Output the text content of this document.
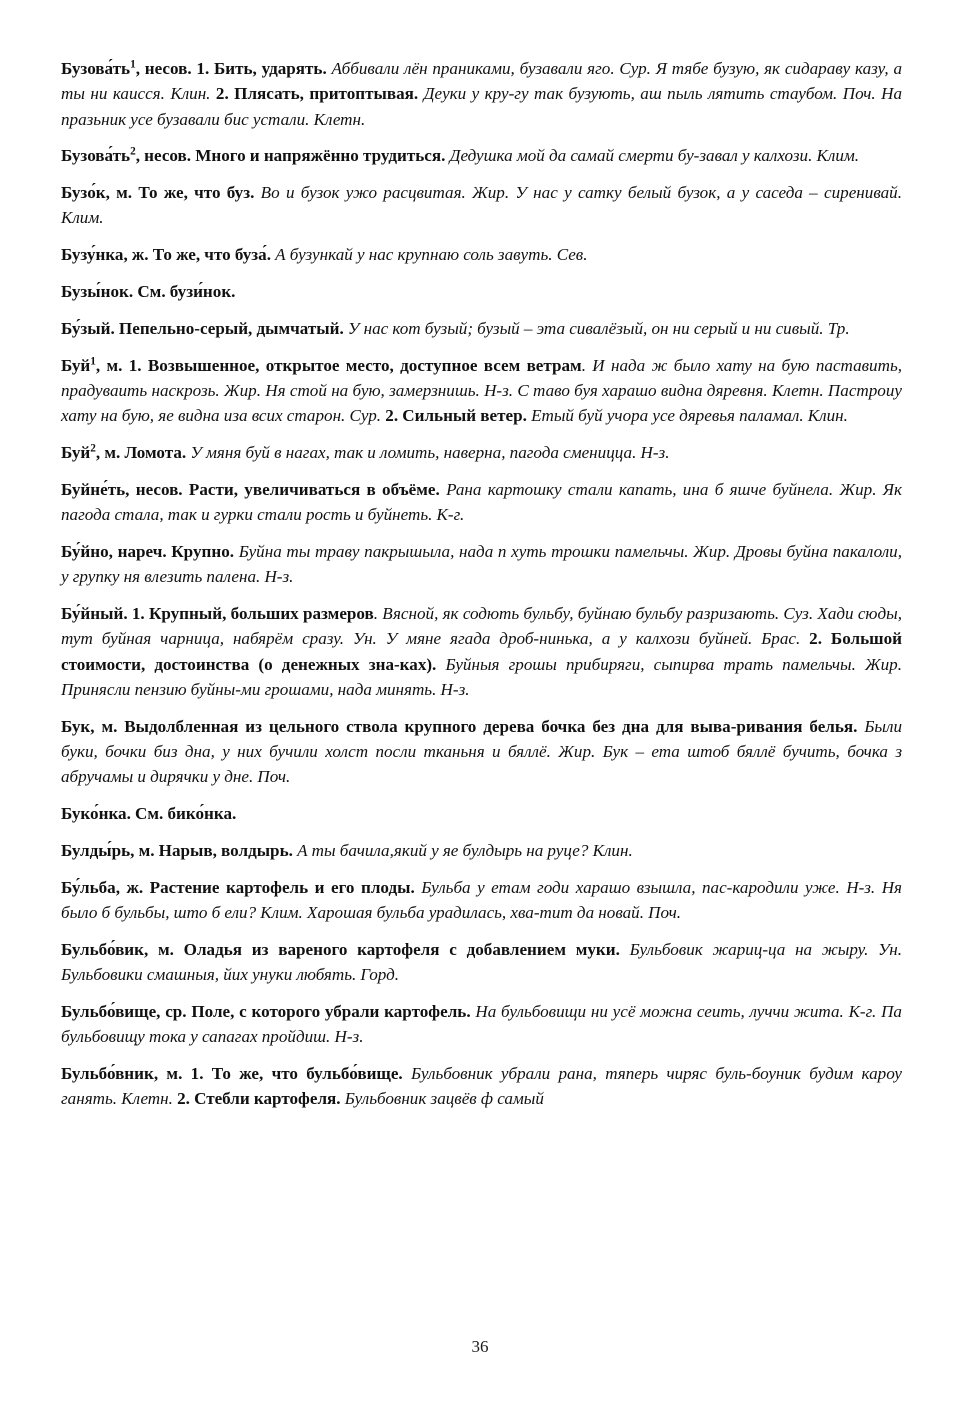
$Бузова́ть^1$, несов. 1. Бить, ударять. Аббивали лён праниками, бузавали яго. Сур. Я тябе бузую, як сидараву казу, а ты ни каисся. Клин. 2. Плясать, притоптывая. Деуки у кру-гу так бузують, аш пыль лятить стаубом. Поч. На празьник усе бузавали бис устали. Клетн.

$Бузова́ть^2$, несов. Много и напряжённо трудиться. Дедушка мой да самай смерти бу-завал у калхози. Клим.

Бузо́к, м. То же, что буз. Во и бузок ужо расцвитая. Жир. У нас у сатку белый бузок, а у саседа – сиренивай. Клим.

Бузу́нка, ж. То же, что буза́. А бузункай у нас крупнаю соль завуть. Сев.

Бузы́нок. См. бузи́нок.

Бу́зый. Пепельно-серый, дымчатый. У нас кот бузый; бузый – эта сивалёзый, он ни серый и ни сивый. Тр.

Буй$^1$, м. 1. Возвышенное, открытое место, доступное всем ветрам. И нада ж было хату на бую паставить, прадуваить наскрозь. Жир. Ня стой на бую, замерзнишь. Н-з. С таво буя харашо видна дяревня. Клетн. Пастроиу хату на бую, яе видна иза всих старон. Сур. 2. Сильный ветер. Етый буй учора усе дяревья паламал. Клин.

Буй$^2$, м. Ломота. У мяня буй в нагах, так и ломить, наверна, пагода сменицца. Н-з.

Буйне́ть, несов. Расти, увеличиваться в объёме. Рана картошку стали капать, ина б яшче буйнела. Жир. Як пагода стала, так и гурки стали рость и буйнеть. К-г.

Бу́йно, нареч. Крупно. Буйна ты траву пакрышыла, нада п хуть трошки памельчы. Жир. Дровы буйна пакалоли, у групку ня влезить палена. Н-з.

Бу́йный. 1. Крупный, больших размеров. Вясной, як содють бульбу, буйнаю бульбу разризають. Суз. Хади сюды, тут буйная чарница, набярём сразу. Ун. У мяне ягада дроб-нинька, а у калхози буйней. Брас. 2. Большой стоимости, достоинства (о денежных зна-ках). Буйныя грошы прибиряги, сыпирва трать памельчы. Жир. Принясли пензию буйны-ми грошами, нада минять. Н-з.

Бук, м. Выдолбленная из цельного ствола крупного дерева бочка без дна для выва-ривания белья. Были буки, бочки биз дна, у них бучили холст посли тканьня и бяллё. Жир. Бук – ета штоб бяллё бучить, бочка з абручамы и дирячки у дне. Поч.

Буко́нка. См. бико́нка.

Булды́рь, м. Нарыв, волдырь. А ты бачила,який у яе булдырь на руце? Клин.

Бу́льба, ж. Растение картофель и его плоды. Бульба у етам годи харашо взышла, пас-кародили уже. Н-з. Ня было б бульбы, што б ели? Клим. Харошая бульба урадилась, хва-тит да новай. Поч.

Бульбо́вик, м. Оладья из вареного картофеля с добавлением муки. Бульбовик жариц-ца на жыру. Ун. Бульбовики смашныя, йих унуки любять. Горд.

Бульбо́вище, ср. Поле, с которого убрали картофель. На бульбовищи ни усё можна сеить, луччи жита. К-г. Па бульбовищу тока у сапагах пройдиш. Н-з.

Бульбо́вник, м. 1. То же, что бульбо́вище. Бульбовник убрали рана, тяперь чиряс буль-боуник будим кароу ганять. Клетн. 2. Стебли картофеля. Бульбовник зацвёв ф самый

36
